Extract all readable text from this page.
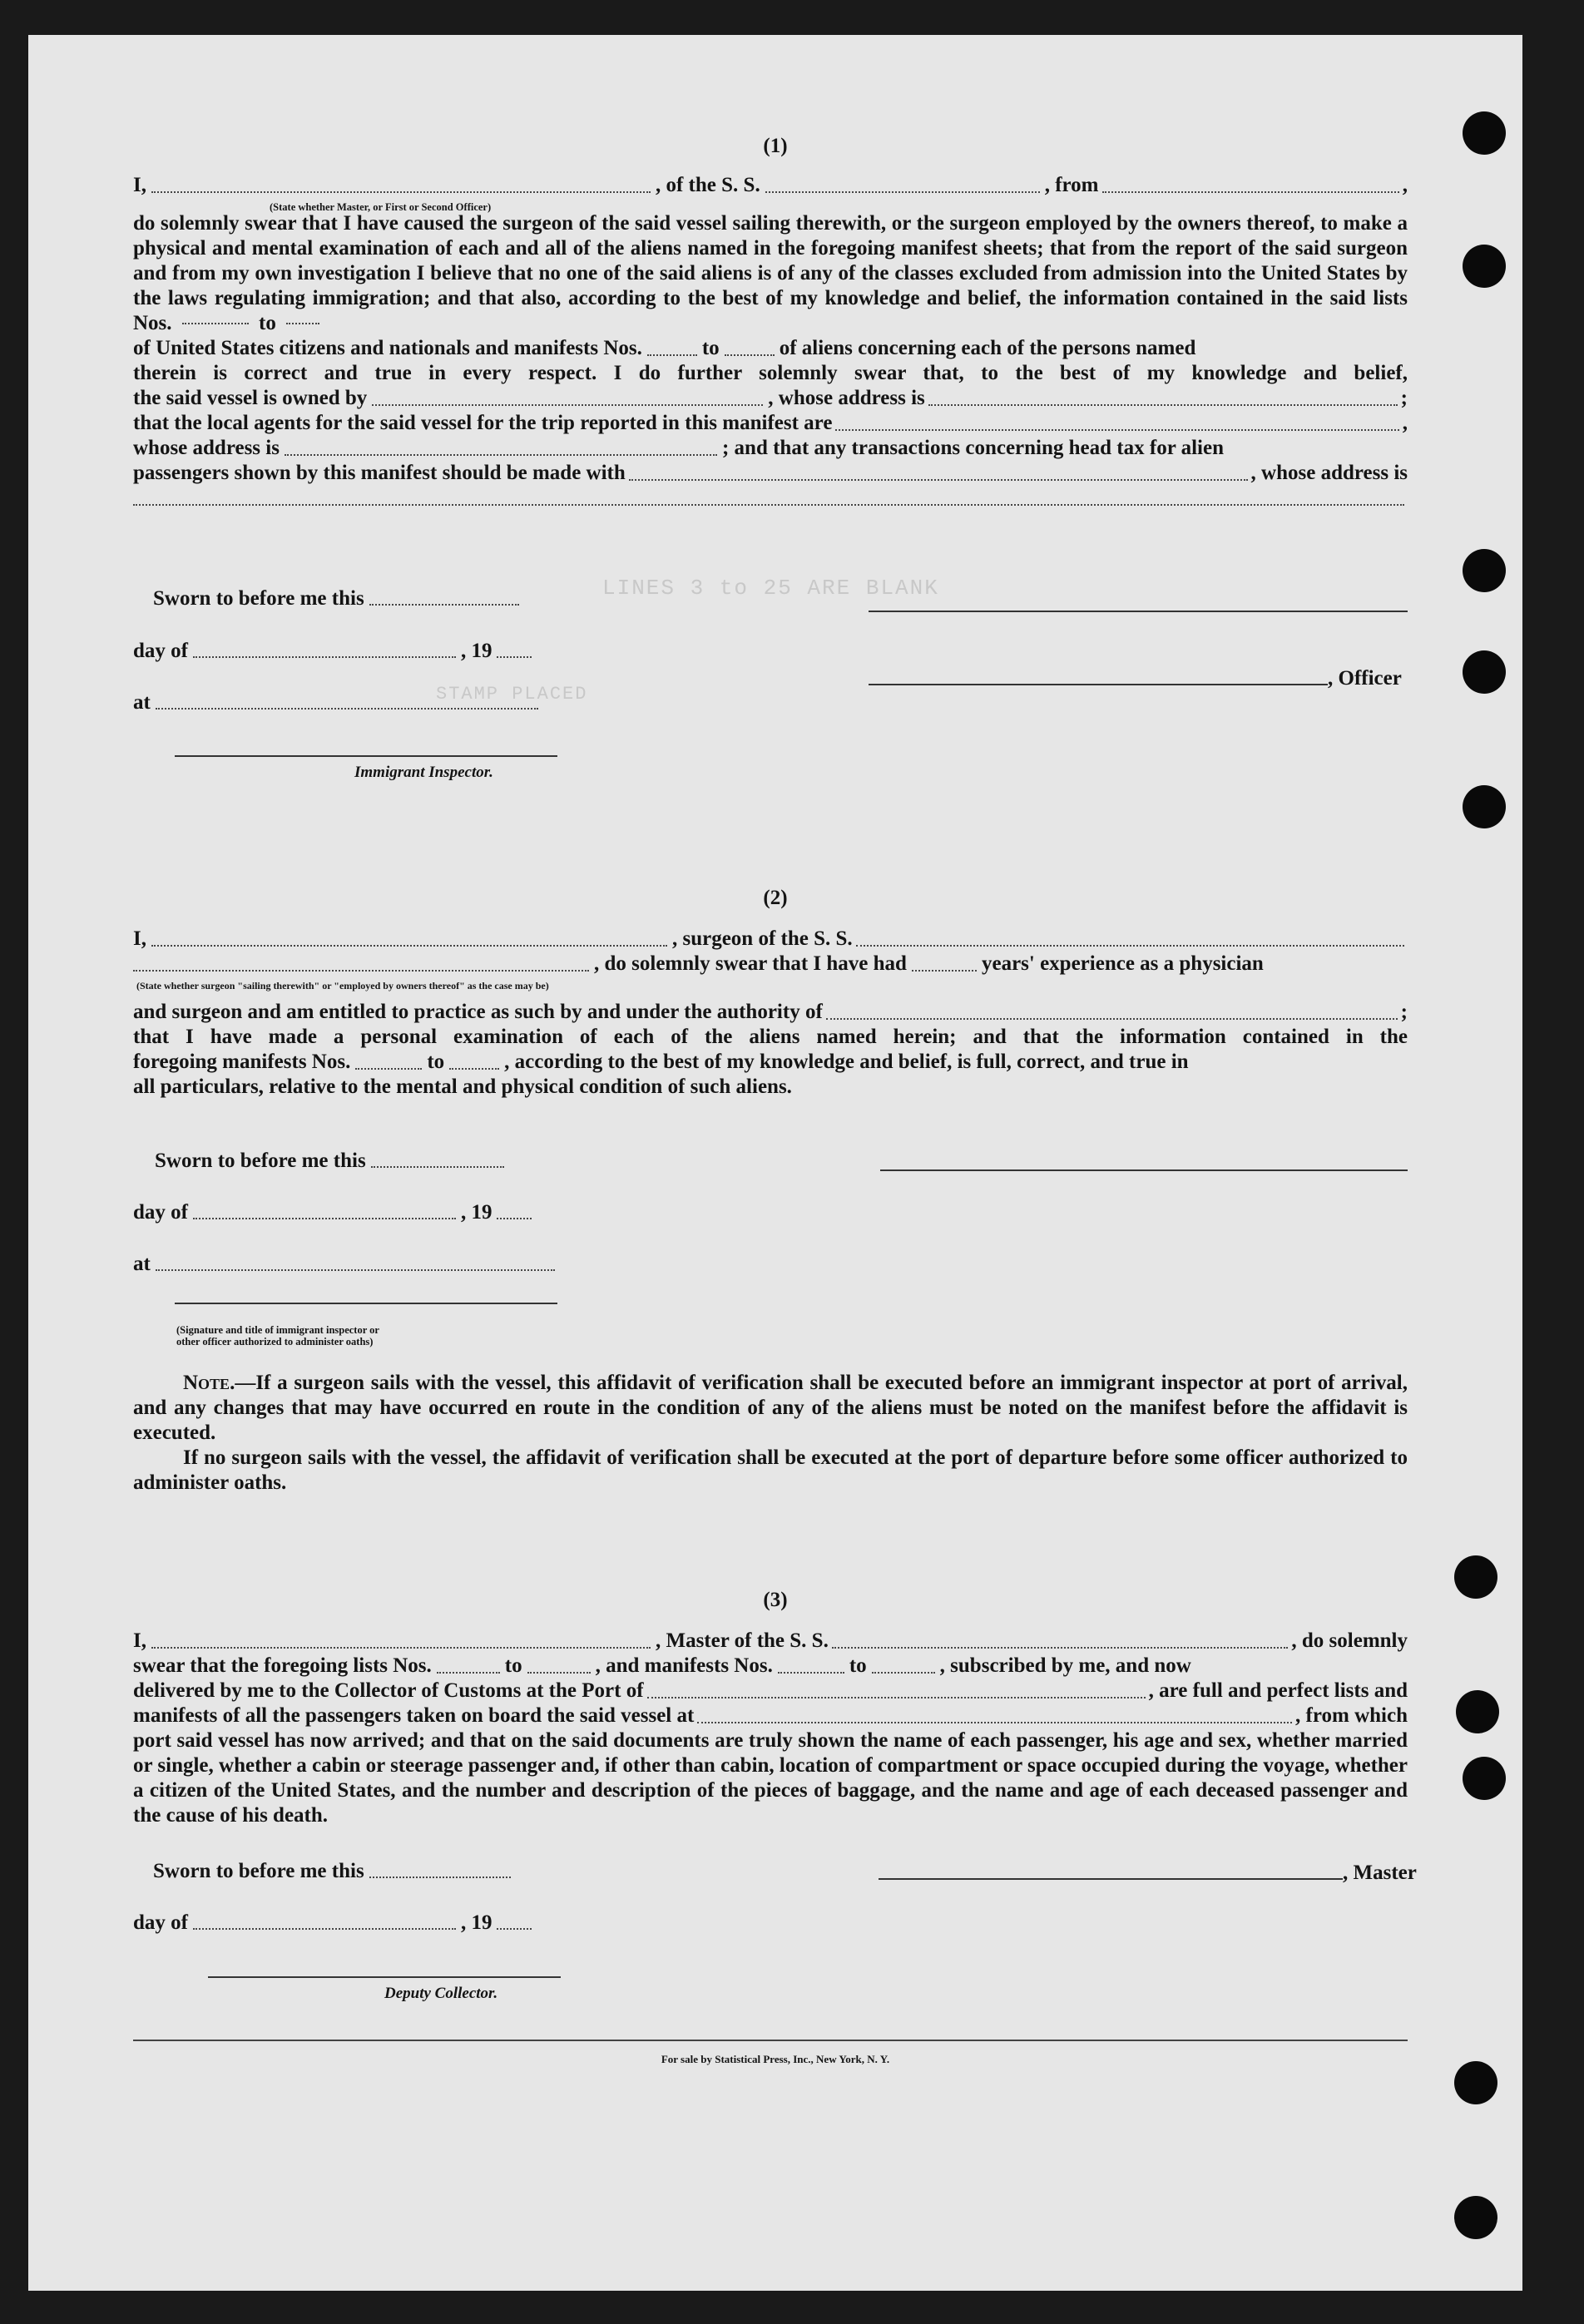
LINES 3 to 25 ARE BLANK
STAMP PLACED
(1)
I,	, of the S. S.	, from	,
do solemnly swear that I have caused the surgeon of the said vessel sailing therewith, or the surgeon employed by the owners thereof, to make a physical and mental examination of each and all of the aliens named in the foregoing manifest sheets; that from the report of the said surgeon and from my own investigation I believe that no one of the said aliens is of any of the classes excluded from admission into the United States by the laws regulating immigration; and that also, according to the best of my knowledge and belief, the information contained in the said lists Nos.	to
of United States citizens and nationals and manifests Nos.	to	of aliens concerning each of the persons named
therein is correct and true in every respect. I do further solemnly swear that, to the best of my knowledge and belief,
the said vessel is owned by	, whose address is	;
that the local agents for the said vessel for the trip reported in this manifest are	,
whose address is	; and that any transactions concerning head tax for alien
passengers shown by this manifest should be made with	, whose address is
Sworn to before me this
day of	, 19
at
Immigrant Inspector.
, Officer
(State whether Master, or First or Second Officer)
(2)
I,	, surgeon of the S. S.
, do solemnly swear that I have had	years' experience as a physician
and surgeon and am entitled to practice as such by and under the authority of	;
that I have made a personal examination of each of the aliens named herein; and that the information contained in the
foregoing manifests Nos.	to	, according to the best of my knowledge and belief, is full, correct, and true in
all particulars, relative to the mental and physical condition of such aliens.
(State whether surgeon "sailing therewith" or "employed by owners thereof" as the case may be)
Sworn to before me this
day of	, 19
at
(Signature and title of immigrant inspector or
other officer authorized to administer oaths)
Note.—If a surgeon sails with the vessel, this affidavit of verification shall be executed before an immigrant inspector at port of arrival, and any changes that may have occurred en route in the condition of any of the aliens must be noted on the manifest before the affidavit is executed.
If no surgeon sails with the vessel, the affidavit of verification shall be executed at the port of departure before some officer authorized to administer oaths.
(3)
I,	, Master of the S. S.	, do solemnly
swear that the foregoing lists Nos.	to	, and manifests Nos.	to	, subscribed by me, and now
delivered by me to the Collector of Customs at the Port of	, are full and perfect lists and
manifests of all the passengers taken on board the said vessel at	, from which
port said vessel has now arrived; and that on the said documents are truly shown the name of each passenger, his age and sex, whether married or single, whether a cabin or steerage passenger and, if other than cabin, location of compartment or space occupied during the voyage, whether a citizen of the United States, and the number and description of the pieces of baggage, and the name and age of each deceased passenger and the cause of his death.
Sworn to before me this	, Master
day of	, 19
Deputy Collector.
For sale by Statistical Press, Inc., New York, N. Y.
